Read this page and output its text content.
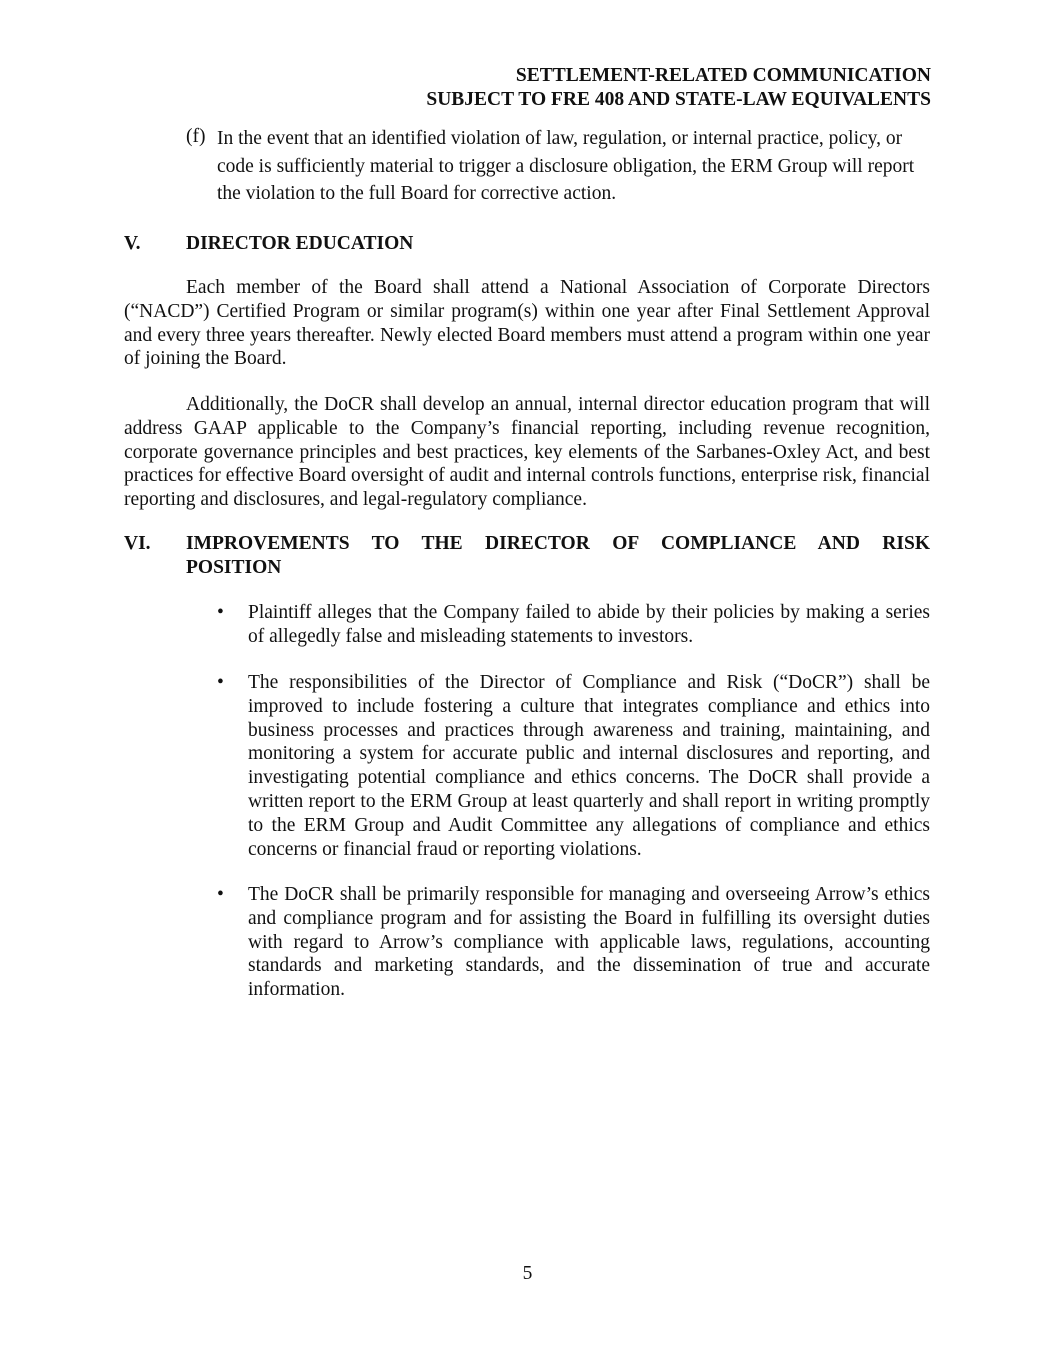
SETTLEMENT-RELATED COMMUNICATION
SUBJECT TO FRE 408 AND STATE-LAW EQUIVALENTS
(f) In the event that an identified violation of law, regulation, or internal practice, policy, or code is sufficiently material to trigger a disclosure obligation, the ERM Group will report the violation to the full Board for corrective action.
V. DIRECTOR EDUCATION
Each member of the Board shall attend a National Association of Corporate Directors (“NACD”) Certified Program or similar program(s) within one year after Final Settlement Approval and every three years thereafter. Newly elected Board members must attend a program within one year of joining the Board.
Additionally, the DoCR shall develop an annual, internal director education program that will address GAAP applicable to the Company’s financial reporting, including revenue recognition, corporate governance principles and best practices, key elements of the Sarbanes-Oxley Act, and best practices for effective Board oversight of audit and internal controls functions, enterprise risk, financial reporting and disclosures, and legal-regulatory compliance.
VI. IMPROVEMENTS TO THE DIRECTOR OF COMPLIANCE AND RISK
POSITION
• Plaintiff alleges that the Company failed to abide by their policies by making a series of allegedly false and misleading statements to investors.
• The responsibilities of the Director of Compliance and Risk (“DoCR”) shall be improved to include fostering a culture that integrates compliance and ethics into business processes and practices through awareness and training, maintaining, and monitoring a system for accurate public and internal disclosures and reporting, and investigating potential compliance and ethics concerns. The DoCR shall provide a written report to the ERM Group at least quarterly and shall report in writing promptly to the ERM Group and Audit Committee any allegations of compliance and ethics concerns or financial fraud or reporting violations.
• The DoCR shall be primarily responsible for managing and overseeing Arrow’s ethics and compliance program and for assisting the Board in fulfilling its oversight duties with regard to Arrow’s compliance with applicable laws, regulations, accounting standards and marketing standards, and the dissemination of true and accurate information.
5
